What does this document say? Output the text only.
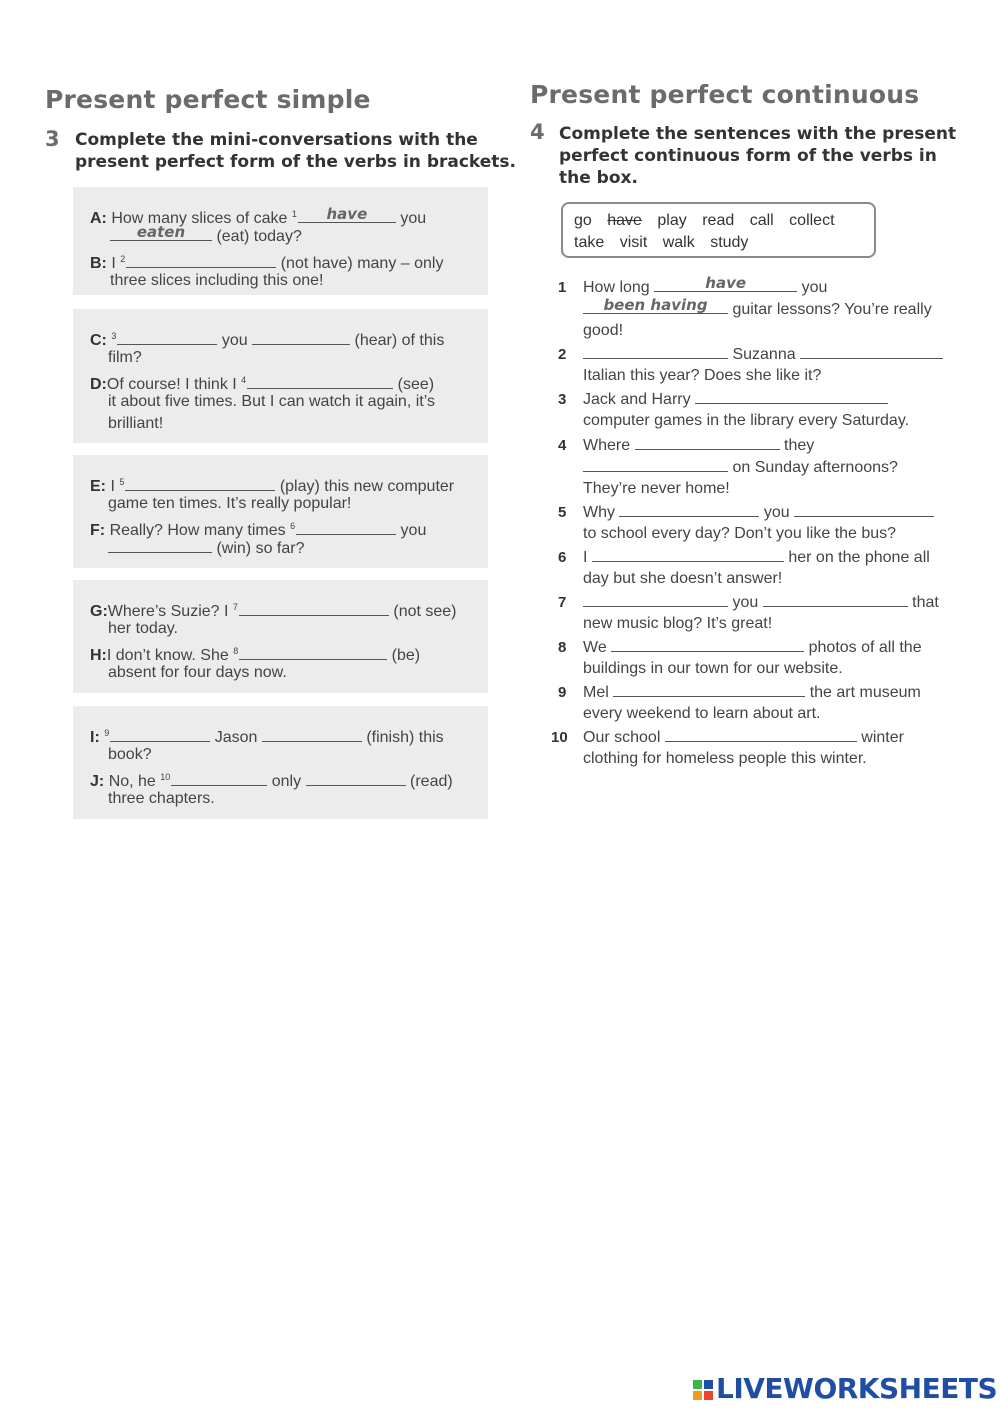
Present perfect simple
3 Complete the mini-conversations with the
present perfect form of the verbs in brackets.
A: How many slices of cake $^1$	have	you
eaten	(eat) today?
B: I $^2$	(not have) many – only
three slices including this one!
C: $^3$	you	(hear) of this
film?
D:Of course! I think I $^4$	(see)
it about five times. But I can watch it again, it’s
brilliant!
E: I $^5$	(play) this new computer
game ten times. It’s really popular!
F: Really? How many times $^6$	you
(win) so far?
G:Where’s Suzie? I $^7$	(not see)
her today.
H:I don’t know. She $^8$	(be)
absent for four days now.
I: $^9$	Jason	(finish) this
book?
J: No, he $^{10}$	only	(read)
three chapters.
Present perfect continuous
4 Complete the sentences with the present
perfect continuous form of the verbs in
the box.
go have play read call collect
take visit walk study
1 How long	have	you
been having	guitar lessons? You’re really
good!
2	Suzanna
Italian this year? Does she like it?
3 Jack and Harry
computer games in the library every Saturday.
4 Where	they
on Sunday afternoons?
They’re never home!
5 Why	you
to school every day? Don’t you like the bus?
6 I	her on the phone all
day but she doesn’t answer!
7	you	that
new music blog? It’s great!
8 We	photos of all the
buildings in our town for our website.
9 Mel	the art museum
every weekend to learn about art.
10 Our school	winter
clothing for homeless people this winter.
LIVEWORKSHEETS
